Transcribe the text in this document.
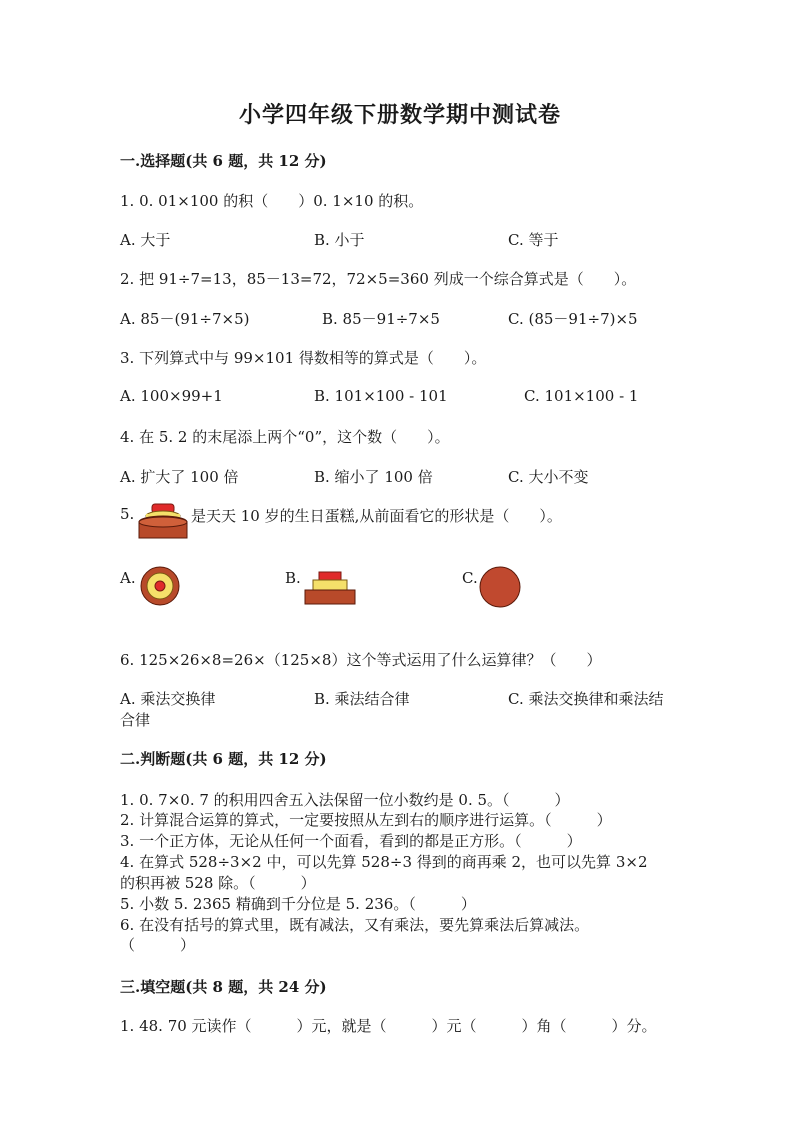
小学四年级下册数学期中测试卷
一.选择题(共 6 题，共 12 分)
1. 0. 01×100 的积（　　）0. 1×10 的积。
A. 大于	B. 小于	C. 等于
2. 把 91÷7=13，85－13=72，72×5=360 列成一个综合算式是（　　）。
A. 85－(91÷7×5)	B. 85－91÷7×5	C. (85－91÷7)×5
3. 下列算式中与 99×101 得数相等的算式是（　　）。
A. 100×99+1	B. 101×100 - 101	C. 101×100 - 1
4. 在 5. 2 的末尾添上两个“0”，这个数（　　）。
A. 扩大了 100 倍	B. 缩小了 100 倍	C. 大小不变
5.	是天天 10 岁的生日蛋糕,从前面看它的形状是（　　）。
A.	B.	C.
6. 125×26×8=26×（125×8）这个等式运用了什么运算律？（　　）
A. 乘法交换律	B. 乘法结合律	C. 乘法交换律和乘法结
合律
二.判断题(共 6 题，共 12 分)
1. 0. 7×0. 7 的积用四舍五入法保留一位小数约是 0. 5。（　　　）
2. 计算混合运算的算式，一定要按照从左到右的顺序进行运算。（　　　）
3. 一个正方体，无论从任何一个面看，看到的都是正方形。（　　　）
4. 在算式 528÷3×2 中，可以先算 528÷3 得到的商再乘 2，也可以先算 3×2
的积再被 528 除。（　　　）
5. 小数 5. 2365 精确到千分位是 5. 236。（　　　）
6. 在没有括号的算式里，既有减法，又有乘法，要先算乘法后算减法。
（　　　）
三.填空题(共 8 题，共 24 分)
1. 48. 70 元读作（　　　）元，就是（　　　）元（　　　）角（　　　）分。
